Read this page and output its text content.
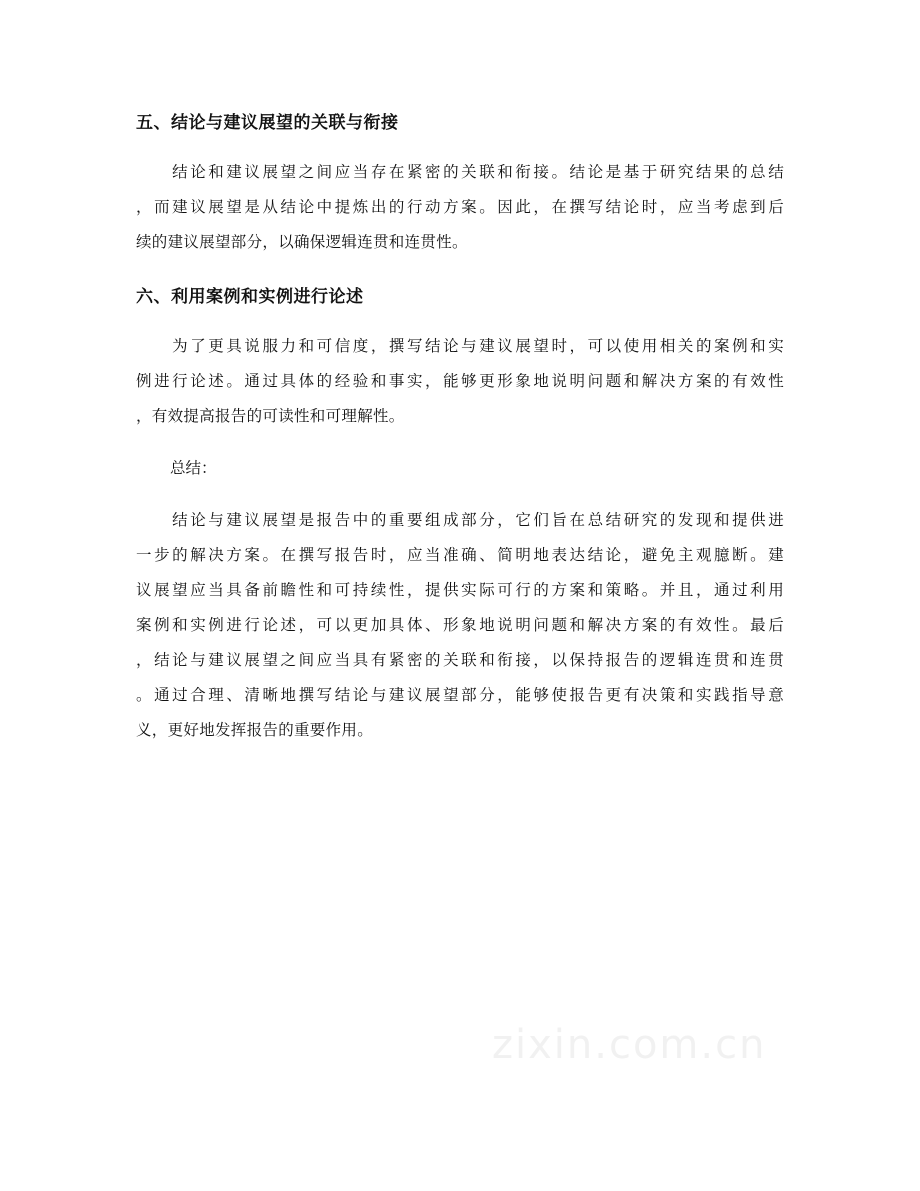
五、结论与建议展望的关联与衔接
　　结论和建议展望之间应当存在紧密的关联和衔接。结论是基于研究结果的总结
，而建议展望是从结论中提炼出的行动方案。因此，在撰写结论时，应当考虑到后
续的建议展望部分，以确保逻辑连贯和连贯性。
六、利用案例和实例进行论述
　　为了更具说服力和可信度，撰写结论与建议展望时，可以使用相关的案例和实
例进行论述。通过具体的经验和事实，能够更形象地说明问题和解决方案的有效性
，有效提高报告的可读性和可理解性。
总结：
　　结论与建议展望是报告中的重要组成部分，它们旨在总结研究的发现和提供进
一步的解决方案。在撰写报告时，应当准确、简明地表达结论，避免主观臆断。建
议展望应当具备前瞻性和可持续性，提供实际可行的方案和策略。并且，通过利用
案例和实例进行论述，可以更加具体、形象地说明问题和解决方案的有效性。最后
，结论与建议展望之间应当具有紧密的关联和衔接，以保持报告的逻辑连贯和连贯
。通过合理、清晰地撰写结论与建议展望部分，能够使报告更有决策和实践指导意
义，更好地发挥报告的重要作用。
zixin.com.cn
